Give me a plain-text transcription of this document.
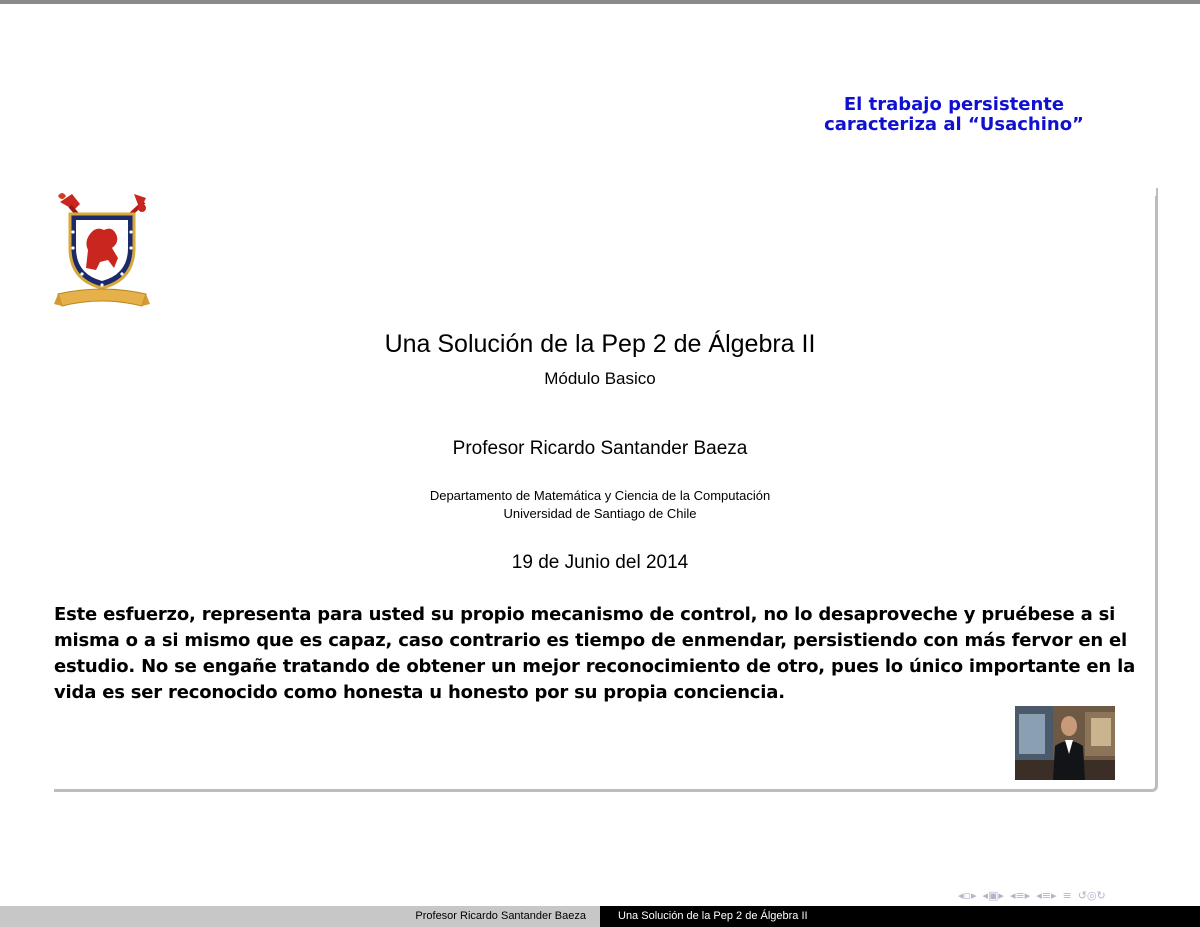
El trabajo persistente
caracteriza al “Usachino”
Una Solución de la Pep 2 de Álgebra II
Módulo Basico
Profesor Ricardo Santander Baeza
Departamento de Matemática y Ciencia de la Computación
Universidad de Santiago de Chile
19 de Junio del 2014
Este esfuerzo, representa para usted su propio mecanismo de control, no lo desaproveche y pruébese a si misma o a si mismo que es capaz, caso contrario es tiempo de enmendar, persistiendo con más fervor en el estudio. No se engañe tratando de obtener un mejor reconocimiento de otro, pues lo único importante en la vida es ser reconocido como honesta u honesto por su propia conciencia.
◂▫▸ ◂▣▸ ◂≡▸ ◂≡▸ ≡ ↺◎↻
Profesor Ricardo Santander Baeza	Una Solución de la Pep 2 de Álgebra II
